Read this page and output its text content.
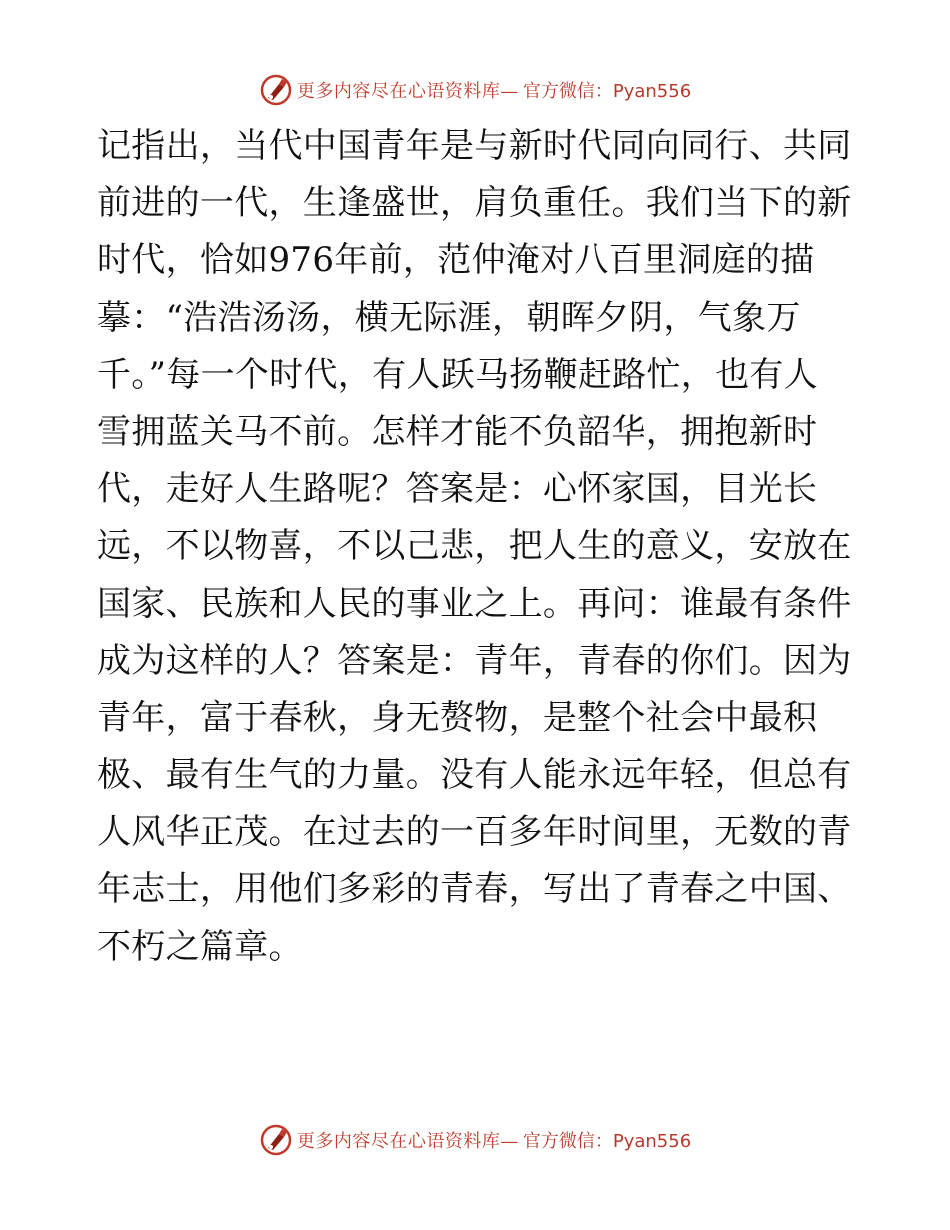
更多内容尽在心语资料库— 官方微信：Pyan556
记指出，当代中国青年是与新时代同向同行、共同
前进的一代，生逢盛世，肩负重任。我们当下的新
时代，恰如976年前，范仲淹对八百里洞庭的描
摹：“浩浩汤汤，横无际涯，朝晖夕阴，气象万
千。”每一个时代，有人跃马扬鞭赶路忙，也有人
雪拥蓝关马不前。怎样才能不负韶华，拥抱新时
代，走好人生路呢？答案是：心怀家国，目光长
远，不以物喜，不以己悲，把人生的意义，安放在
国家、民族和人民的事业之上。再问：谁最有条件
成为这样的人？答案是：青年，青春的你们。因为
青年，富于春秋，身无赘物，是整个社会中最积
极、最有生气的力量。没有人能永远年轻，但总有
人风华正茂。在过去的一百多年时间里，无数的青
年志士，用他们多彩的青春，写出了青春之中国、
不朽之篇章。
更多内容尽在心语资料库— 官方微信：Pyan556
